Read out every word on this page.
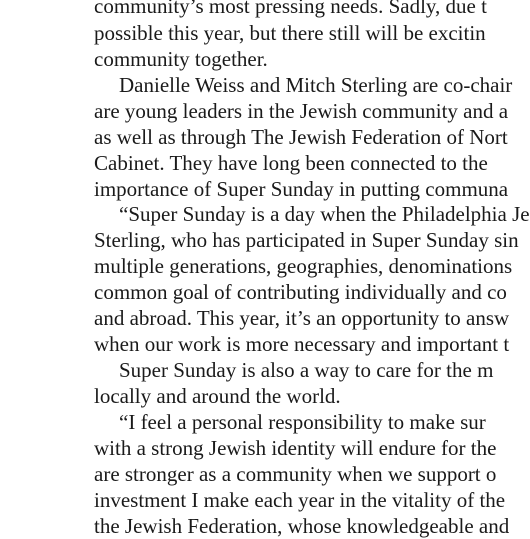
community’s most pressing needs. Sadly, due t
possible this year, but there still will be excitin
community together.
Danielle Weiss and Mitch Sterling are co-chair
are young leaders in the Jewish community and a
as well as through The Jewish Federation of Nort
Cabinet. They have long been connected to the
importance of Super Sunday in putting communa
“Super Sunday is a day when the Philadelphia Je
Sterling, who has participated in Super Sunday sin
multiple generations, geographies, denominations
common goal of contributing individually and co
and abroad. This year, it’s an opportunity to answ
when our work is more necessary and important t
Super Sunday is also a way to care for the m
locally and around the world.
“I feel a personal responsibility to make sur
with a strong Jewish identity will endure for the
are stronger as a community when we support o
investment I make each year in the vitality of the
the Jewish Federation, whose knowledgeable and
